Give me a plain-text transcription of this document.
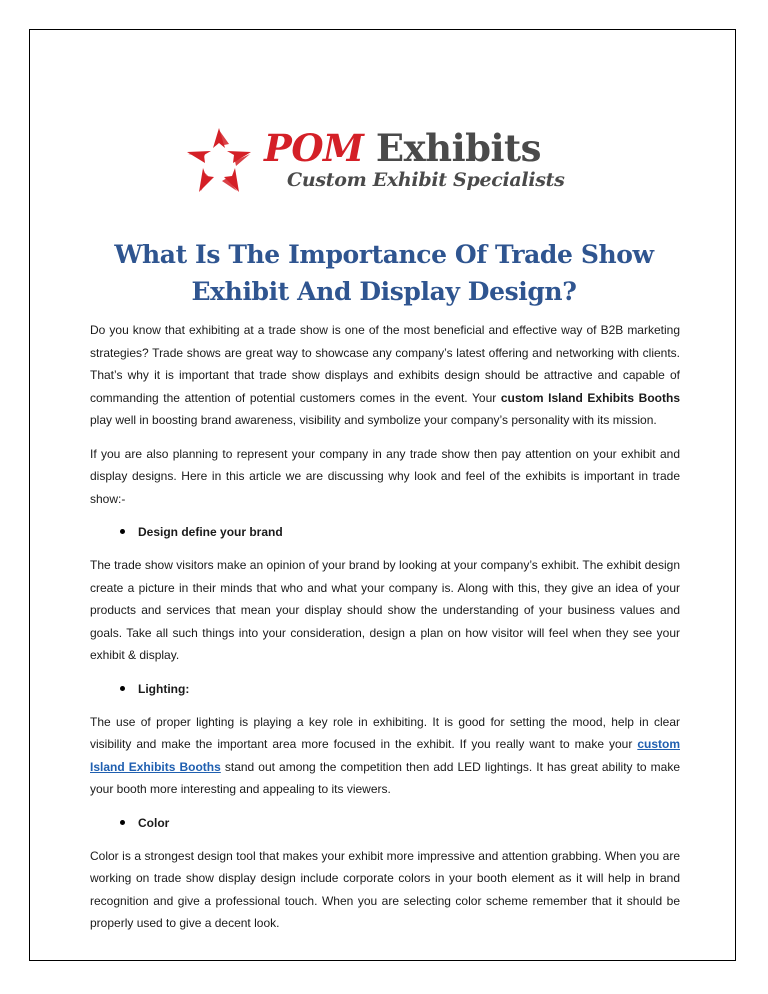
POM Exhibits
Custom Exhibit Specialists
What Is The Importance Of Trade Show
Exhibit And Display Design?

Do you know that exhibiting at a trade show is one of the most beneficial and effective way of B2B marketing strategies? Trade shows are great way to showcase any company’s latest offering and networking with clients. That’s why it is important that trade show displays and exhibits design should be attractive and capable of commanding the attention of potential customers comes in the event. Your custom Island Exhibits Booths play well in boosting brand awareness, visibility and symbolize your company’s personality with its mission.

If you are also planning to represent your company in any trade show then pay attention on your exhibit and display designs. Here in this article we are discussing why look and feel of the exhibits is important in trade show:-

Design define your brand

The trade show visitors make an opinion of your brand by looking at your company’s exhibit. The exhibit design create a picture in their minds that who and what your company is. Along with this, they give an idea of your products and services that mean your display should show the understanding of your business values and goals. Take all such things into your consideration, design a plan on how visitor will feel when they see your exhibit & display.

Lighting:

The use of proper lighting is playing a key role in exhibiting. It is good for setting the mood, help in clear visibility and make the important area more focused in the exhibit. If you really want to make your custom Island Exhibits Booths stand out among the competition then add LED lightings. It has great ability to make your booth more interesting and appealing to its viewers.

Color

Color is a strongest design tool that makes your exhibit more impressive and attention grabbing. When you are working on trade show display design include corporate colors in your booth element as it will help in brand recognition and give a professional touch. When you are selecting color scheme remember that it should be properly used to give a decent look.
